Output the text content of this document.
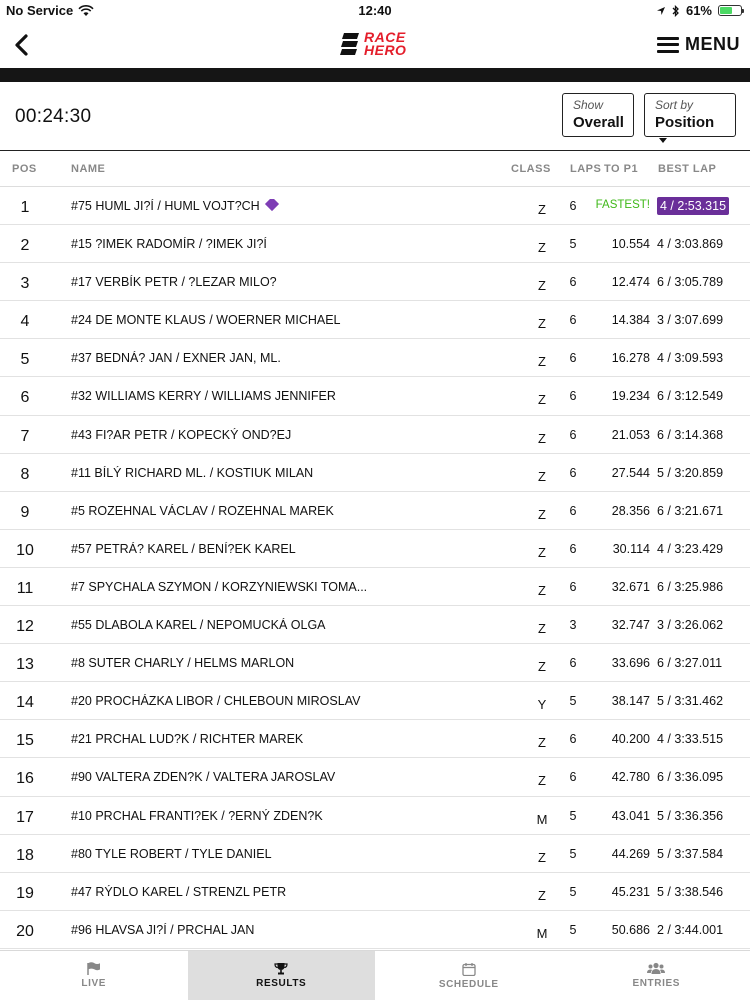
No Service	12:40	61%
RACE
HERO	MENU
00:24:30
Show
Overall
Sort by
Position
POS	NAME	CLASS LAPS TO P1 BEST LAP
1	#75 HUML JI?Í / HUML VOJT?CH	Z	6	FASTEST! 4 / 2:53.315
2	#15 ?IMEK RADOMÍR / ?IMEK JI?Í	Z	5	10.554 4 / 3:03.869
3	#17 VERBÍK PETR / ?LEZAR MILO?	Z	6	12.474 6 / 3:05.789
4	#24 DE MONTE KLAUS / WOERNER MICHAEL	Z	6	14.384 3 / 3:07.699
5	#37 BEDNÁ? JAN / EXNER JAN, ML.	Z	6	16.278 4 / 3:09.593
6	#32 WILLIAMS KERRY / WILLIAMS JENNIFER	Z	6	19.234 6 / 3:12.549
7	#43 FI?AR PETR / KOPECKÝ OND?EJ	Z	6	21.053 6 / 3:14.368
8	#11 BÍLÝ RICHARD ML. / KOSTIUK MILAN	Z	6	27.544 5 / 3:20.859
9	#5 ROZEHNAL VÁCLAV / ROZEHNAL MAREK	Z	6	28.356 6 / 3:21.671
10	#57 PETRÁ? KAREL / BENÍ?EK KAREL	Z	6	30.114 4 / 3:23.429
11	#7 SPYCHALA SZYMON / KORZYNIEWSKI TOMA...	Z	6	32.671 6 / 3:25.986
12	#55 DLABOLA KAREL / NEPOMUCKÁ OLGA	Z	3	32.747 3 / 3:26.062
13	#8 SUTER CHARLY / HELMS MARLON	Z	6	33.696 6 / 3:27.011
14	#20 PROCHÁZKA LIBOR / CHLEBOUN MIROSLAV	Y	5	38.147 5 / 3:31.462
15	#21 PRCHAL LUD?K / RICHTER MAREK	Z	6	40.200 4 / 3:33.515
16	#90 VALTERA ZDEN?K / VALTERA JAROSLAV	Z	6	42.780 6 / 3:36.095
17	#10 PRCHAL FRANTI?EK / ?ERNÝ ZDEN?K	M 5	43.041 5 / 3:36.356
18	#80 TYLE ROBERT / TYLE DANIEL	Z	5	44.269 5 / 3:37.584
19	#47 RÝDLO KAREL / STRENZL PETR	Z	5	45.231 5 / 3:38.546
20	#96 HLAVSA JI?Í / PRCHAL JAN	M 5	50.686 2 / 3:44.001
LIVE	RESULTS	SCHEDULE	ENTRIES
